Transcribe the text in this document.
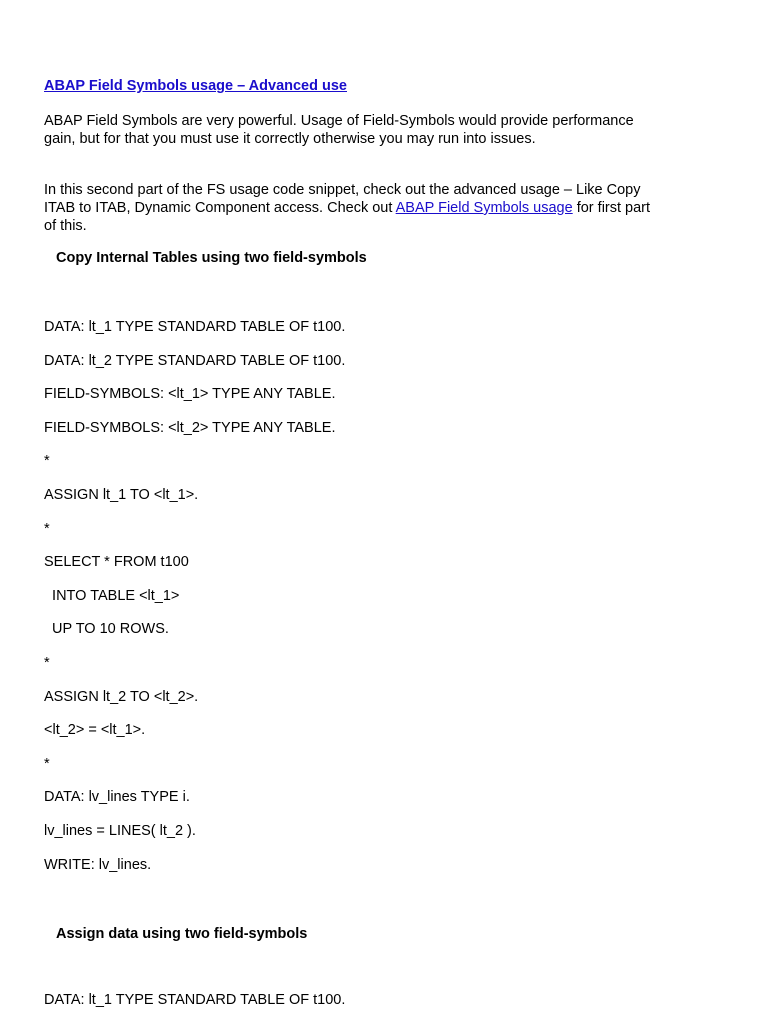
ABAP Field Symbols usage – Advanced use
ABAP Field Symbols are very powerful. Usage of Field-Symbols would provide performance
gain, but for that you must use it correctly otherwise you may run into issues.
In this second part of the FS usage code snippet, check out the advanced usage – Like Copy
ITAB to ITAB, Dynamic Component access. Check out ABAP Field Symbols usage for first part
of this.
Copy Internal Tables using two field-symbols
DATA: lt_1 TYPE STANDARD TABLE OF t100.
DATA: lt_2 TYPE STANDARD TABLE OF t100.
FIELD-SYMBOLS: <lt_1> TYPE ANY TABLE.
FIELD-SYMBOLS: <lt_2> TYPE ANY TABLE.
*
ASSIGN lt_1 TO <lt_1>.
*
SELECT * FROM t100
INTO TABLE <lt_1>
UP TO 10 ROWS.
*
ASSIGN lt_2 TO <lt_2>.
<lt_2> = <lt_1>.
*
DATA: lv_lines TYPE i.
lv_lines = LINES( lt_2 ).
WRITE: lv_lines.
Assign data using two field-symbols
DATA: lt_1 TYPE STANDARD TABLE OF t100.
